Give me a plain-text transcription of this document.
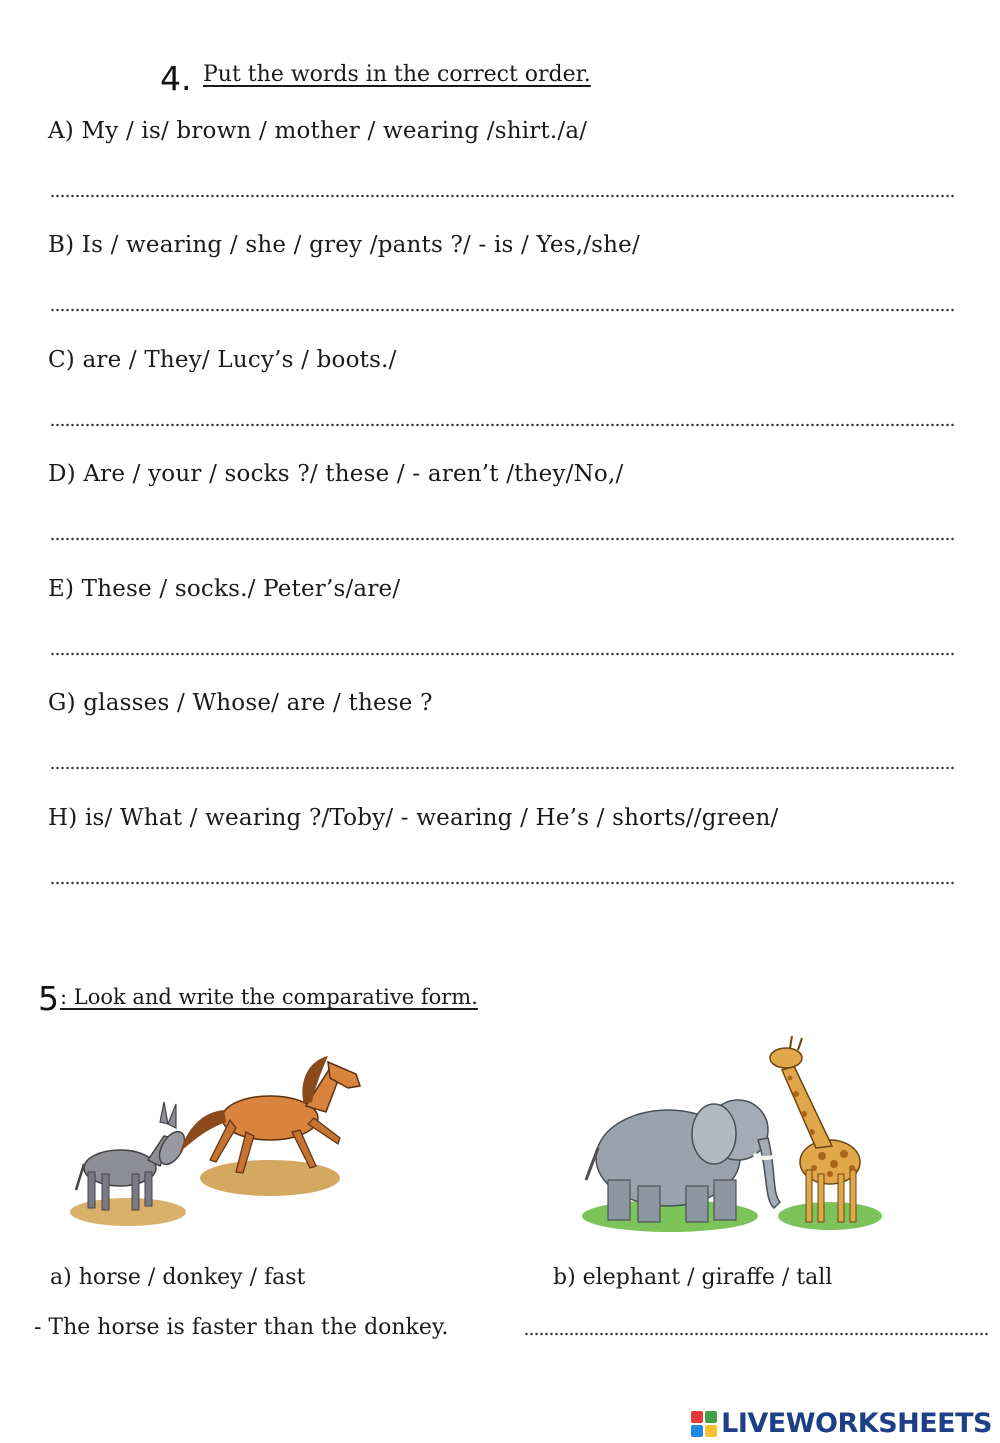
4. Put the words in the correct order.
A) My / is/ brown / mother / wearing /shirt./a/
B) Is / wearing / she / grey /pants ?/ - is / Yes,/she/
C) are / They/ Lucy’s / boots./
D) Are / your / socks ?/ these / - aren’t /they/No,/
E) These / socks./ Peter’s/are/
G) glasses / Whose/ are / these ?
H) is/ What / wearing ?/Toby/ - wearing / He’s / shorts//green/
5 : Look and write the comparative form.
a) horse / donkey / fast	b) elephant / giraffe / tall
- The horse is faster than the donkey.
LIVEWORKSHEETS
